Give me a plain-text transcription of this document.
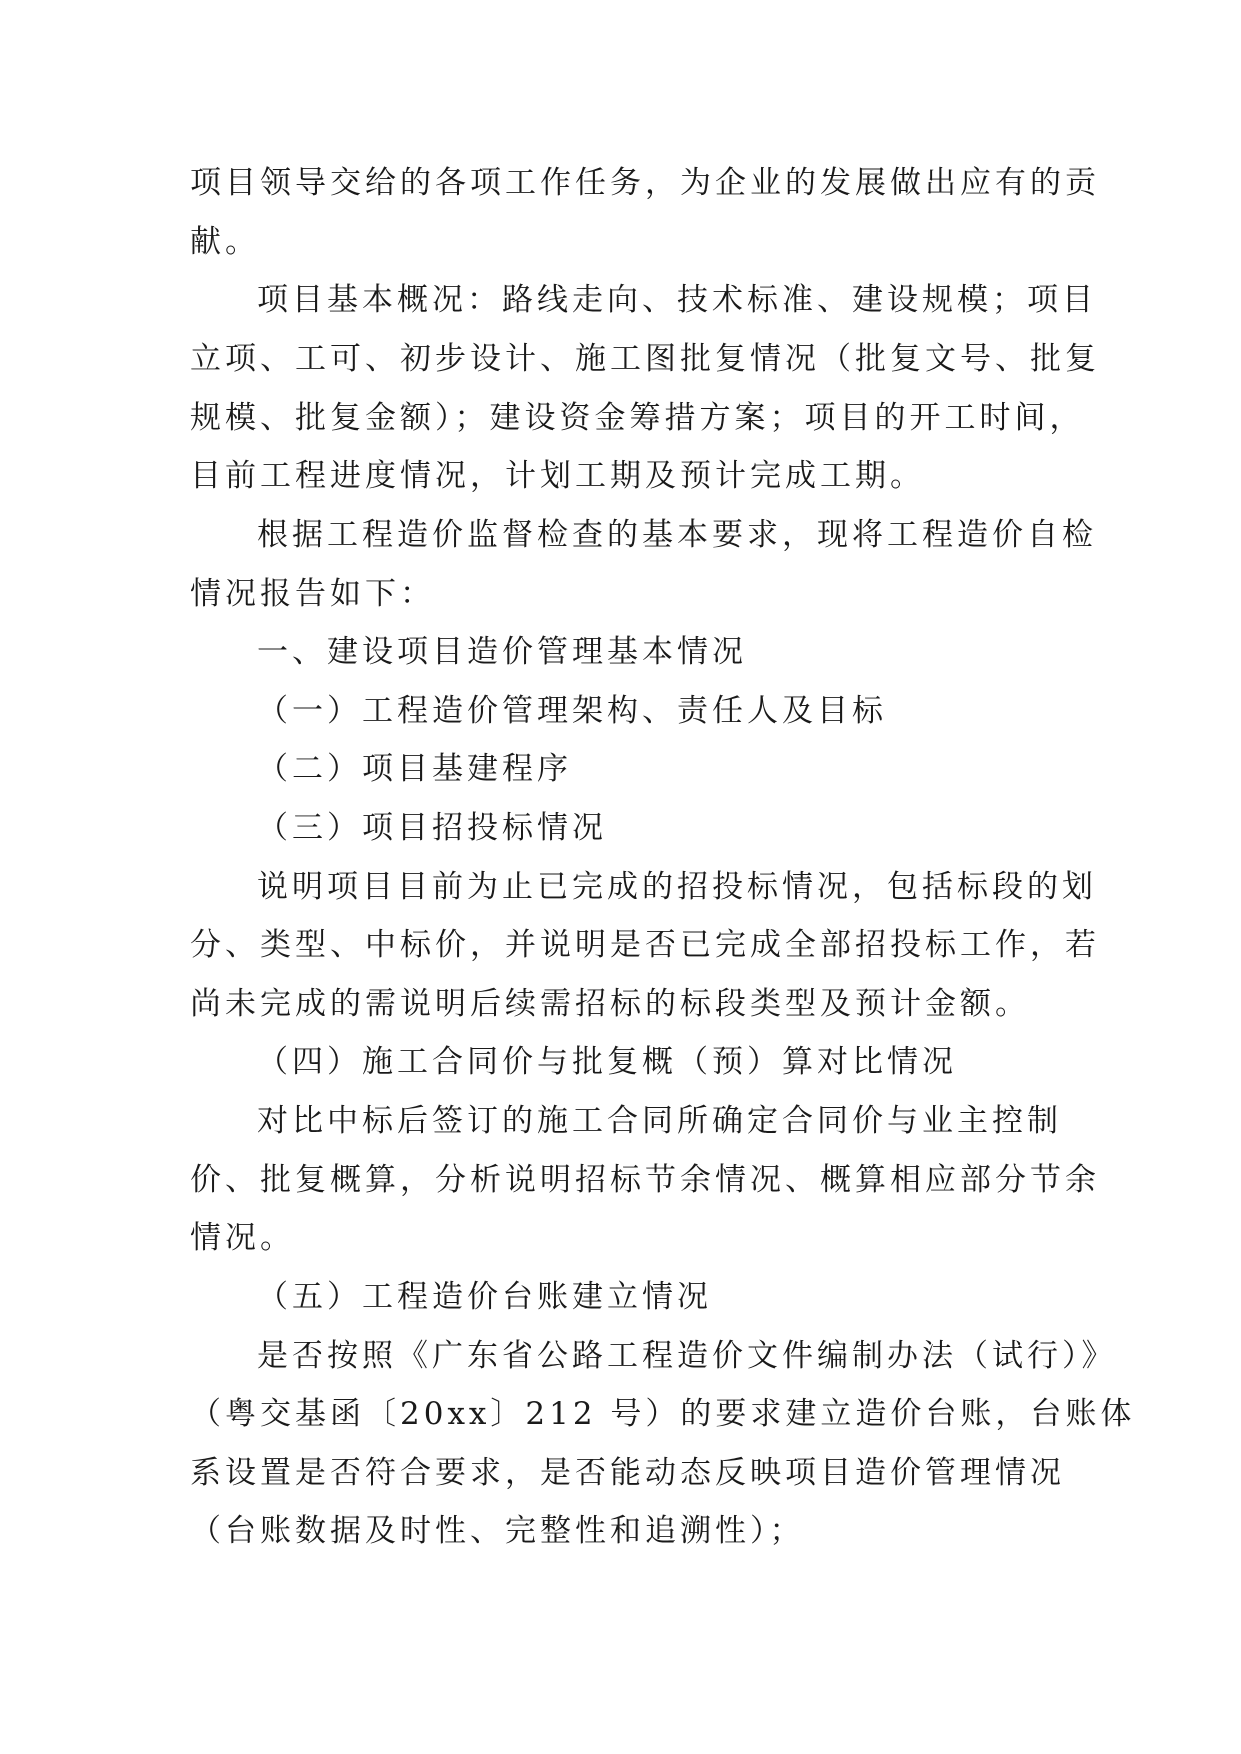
项目领导交给的各项工作任务，为企业的发展做出应有的贡
献。
项目基本概况：路线走向、技术标准、建设规模；项目
立项、工可、初步设计、施工图批复情况（批复文号、批复
规模、批复金额）；建设资金筹措方案；项目的开工时间，
目前工程进度情况，计划工期及预计完成工期。
根据工程造价监督检查的基本要求，现将工程造价自检
情况报告如下：
一、建设项目造价管理基本情况
（一）工程造价管理架构、责任人及目标
（二）项目基建程序
（三）项目招投标情况
说明项目目前为止已完成的招投标情况，包括标段的划
分、类型、中标价，并说明是否已完成全部招投标工作，若
尚未完成的需说明后续需招标的标段类型及预计金额。
（四）施工合同价与批复概（预）算对比情况
对比中标后签订的施工合同所确定合同价与业主控制
价、批复概算，分析说明招标节余情况、概算相应部分节余
情况。
（五）工程造价台账建立情况
是否按照《广东省公路工程造价文件编制办法（试行）》
（粤交基函〔20xx〕212 号）的要求建立造价台账，台账体
系设置是否符合要求，是否能动态反映项目造价管理情况
（台账数据及时性、完整性和追溯性）；
